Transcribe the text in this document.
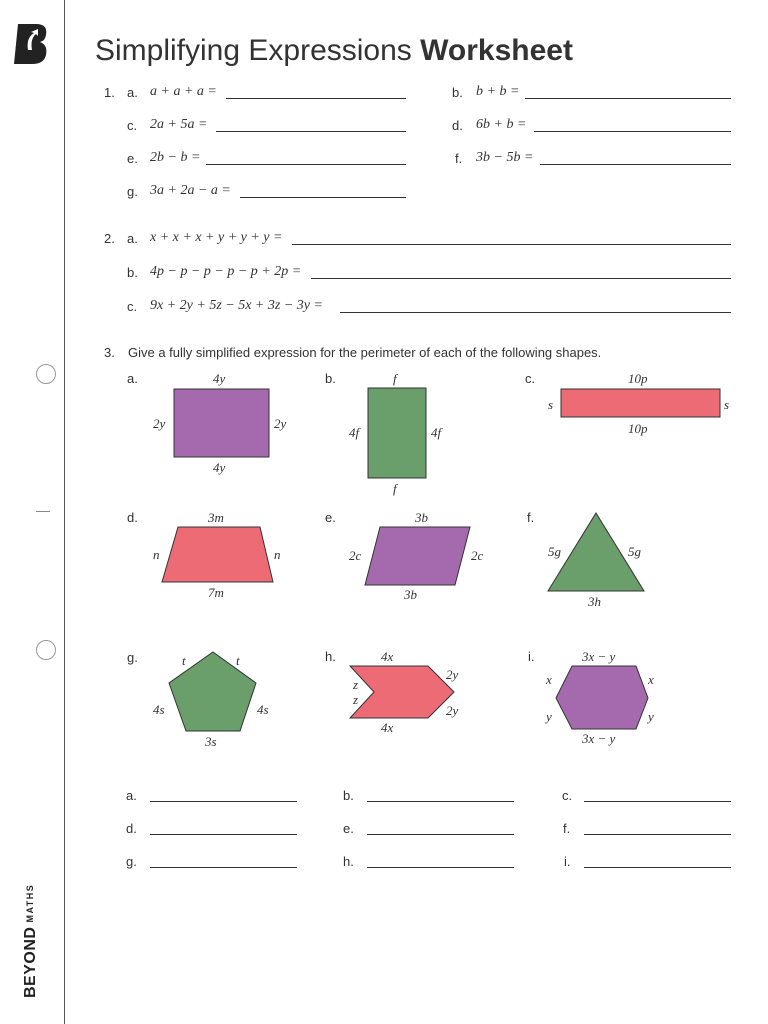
BEYONDMATHS
Simplifying Expressions Worksheet
1. a. a + a + a =	b. b + b =
c. 2a + 5a =	d. 6b + b =
e. 2b − b =	f. 3b − 5b =
g. 3a + 2a − a =
2. a. x + x + x + y + y + y =
b. 4p − p − p − p − p + 2p =
c. 9x + 2y + 5z − 5x + 3z − 3y =
3. Give a fully simplified expression for the perimeter of each of the following shapes.
a.	b.	c.
d.	e.	f.
g.	h.	i.
4y
2y	2y
4y
f
4f	4f
f
10p
s	s
10p
3m
n	n
7m
3b
2c	2c
3b
5g	5g
3h
t	t
4s	4s
3s
4x
2y
z
z
2y
4x
3x − y
x	x
y	y
3x − y
a.	b.	c.
d.	e.	f.
g.	h.	i.
